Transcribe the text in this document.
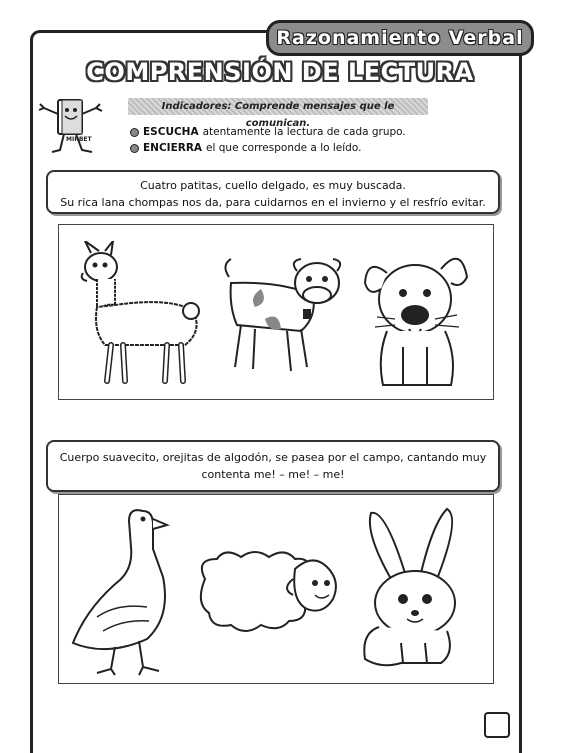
Razonamiento Verbal
COMPRENSIÓN DE LECTURA
MIRBET
Indicadores: Comprende mensajes que le comunican.
ESCUCHA atentamente la lectura de cada grupo.
ENCIERRA el que corresponde a lo leído.
Cuatro patitas, cuello delgado, es muy buscada.
Su rica lana chompas nos da, para cuidarnos en el invierno y el resfrío evitar.
Cuerpo suavecito, orejitas de algodón, se pasea por el campo, cantando muy
contenta me! – me! – me!
